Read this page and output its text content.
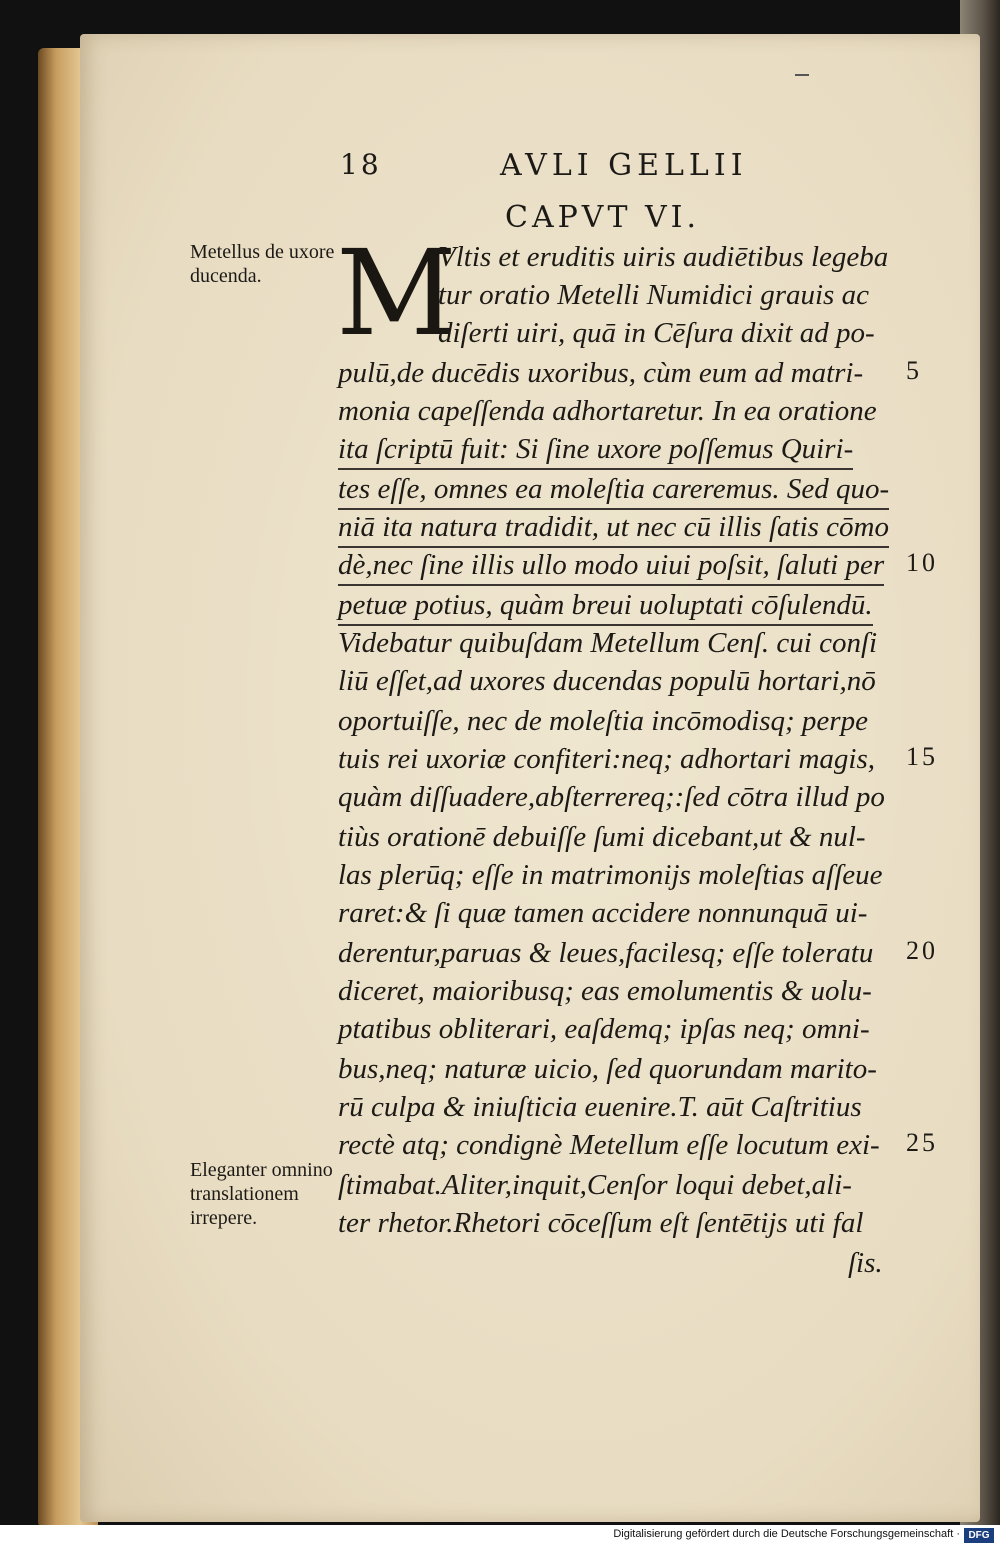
18	AVLI GELLII
CAPVT VI.
M
Metellus de uxore ducenda.
Eleganter omnino translationem irrepere.
Vltis et eruditis uiris audiētibus legeba
tur oratio Metelli Numidici grauis ac
diſerti uiri, quā in Cēſura dixit ad po-
pulū,de ducēdis uxoribus, cùm eum ad matri-
monia capeſſenda adhortaretur. In ea oratione
ita ſcriptū fuit: Si ſine uxore poſſemus Quiri-
tes eſſe, omnes ea moleſtia careremus. Sed quo-
niā ita natura tradidit, ut nec cū illis ſatis cōmo
dè,nec ſine illis ullo modo uiui poſsit, ſaluti per
petuæ potius, quàm breui uoluptati cōſulendū.
Videbatur quibuſdam Metellum Cenſ. cui conſi
liū eſſet,ad uxores ducendas populū hortari,nō
oportuiſſe, nec de moleſtia incōmodisq; perpe
tuis rei uxoriæ confiteri:neq; adhortari magis,
quàm diſſuadere,abſterrereq;:ſed cōtra illud po
tiùs orationē debuiſſe ſumi dicebant,ut & nul-
las plerūq; eſſe in matrimonijs moleſtias aſſeue
raret:& ſi quæ tamen accidere nonnunquā ui-
derentur,paruas & leues,facilesq; eſſe toleratu
diceret, maioribusq; eas emolumentis & uolu-
ptatibus obliterari, eaſdemq; ipſas neq; omni-
bus,neq; naturæ uicio, ſed quorundam marito-
rū culpa & iniuſticia euenire.T. aūt Caſtritius
rectè atq; condignè Metellum eſſe locutum exi-
ſtimabat.Aliter,inquit,Cenſor loqui debet,ali-
ter rhetor.Rhetori cōceſſum eſt ſentētijs uti fal
ſis.
5
10
15
20
25
Digitalisierung gefördert durch die Deutsche Forschungsgemeinschaft · DFG
